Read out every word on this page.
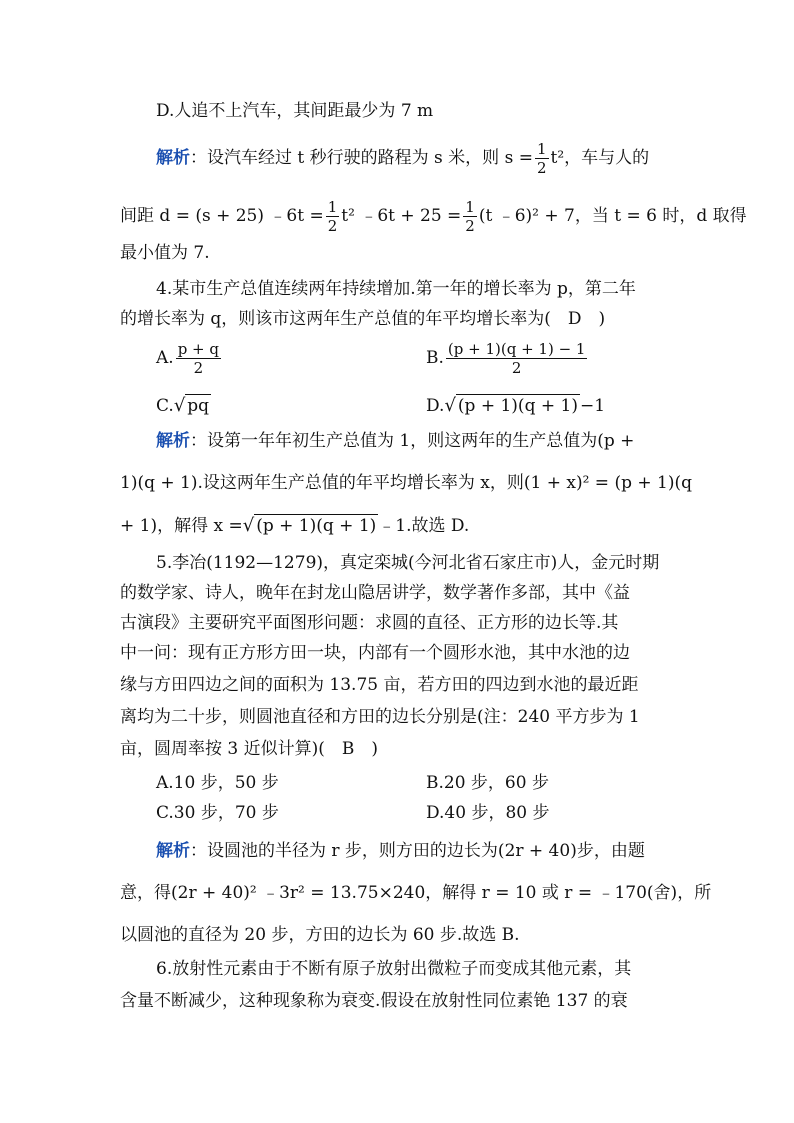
D.人追不上汽车，其间距最少为 7 m
解析：设汽车经过 t 秒行驶的路程为 s 米，则 $s = \frac{1}{2} t^2$，车与人的
间距 d = (s + 25) ﹣6t = $\frac{1}{2} t^2$ ﹣6t + $25 = \frac{1}{2} (t$ ﹣6)² + 7，当 t = 6 时，d 取得
最小值为 7.
4.某市生产总值连续两年持续增加.第一年的增长率为 p，第二年
的增长率为 q，则该市这两年生产总值的年平均增长率为(　D　)
A. $\frac{p + q}{2}$	B. $\frac{(p + 1)(q + 1) - 1}{2}$
C.√ pq	D.√ (p + 1)(q + 1) −1
解析：设第一年年初生产总值为 1，则这两年的生产总值为(p +
1)(q + 1).设这两年生产总值的年平均增长率为 x，则(1 + x)² = (p + 1)(q
+ 1)，解得 x =√ (p + 1)(q + 1) ﹣1.故选 D.
5.李冶(1192—1279)，真定栾城(今河北省石家庄市)人，金元时期
的数学家、诗人，晚年在封龙山隐居讲学，数学著作多部，其中《益
古演段》主要研究平面图形问题：求圆的直径、正方形的边长等.其
中一问：现有正方形方田一块，内部有一个圆形水池，其中水池的边
缘与方田四边之间的面积为 13.75 亩，若方田的四边到水池的最近距
离均为二十步，则圆池直径和方田的边长分别是(注：240 平方步为 1
亩，圆周率按 3 近似计算)(　B　)
A.10 步，50 步	B.20 步，60 步
C.30 步，70 步	D.40 步，80 步
解析：设圆池的半径为 r 步，则方田的边长为(2r + 40)步，由题
意，得(2r + 40)² ﹣3r² = 13.75×240，解得 r = 10 或 r = ﹣170(舍)，所
以圆池的直径为 20 步，方田的边长为 60 步.故选 B.
6.放射性元素由于不断有原子放射出微粒子而变成其他元素，其
含量不断减少，这种现象称为衰变.假设在放射性同位素铯 137 的衰
